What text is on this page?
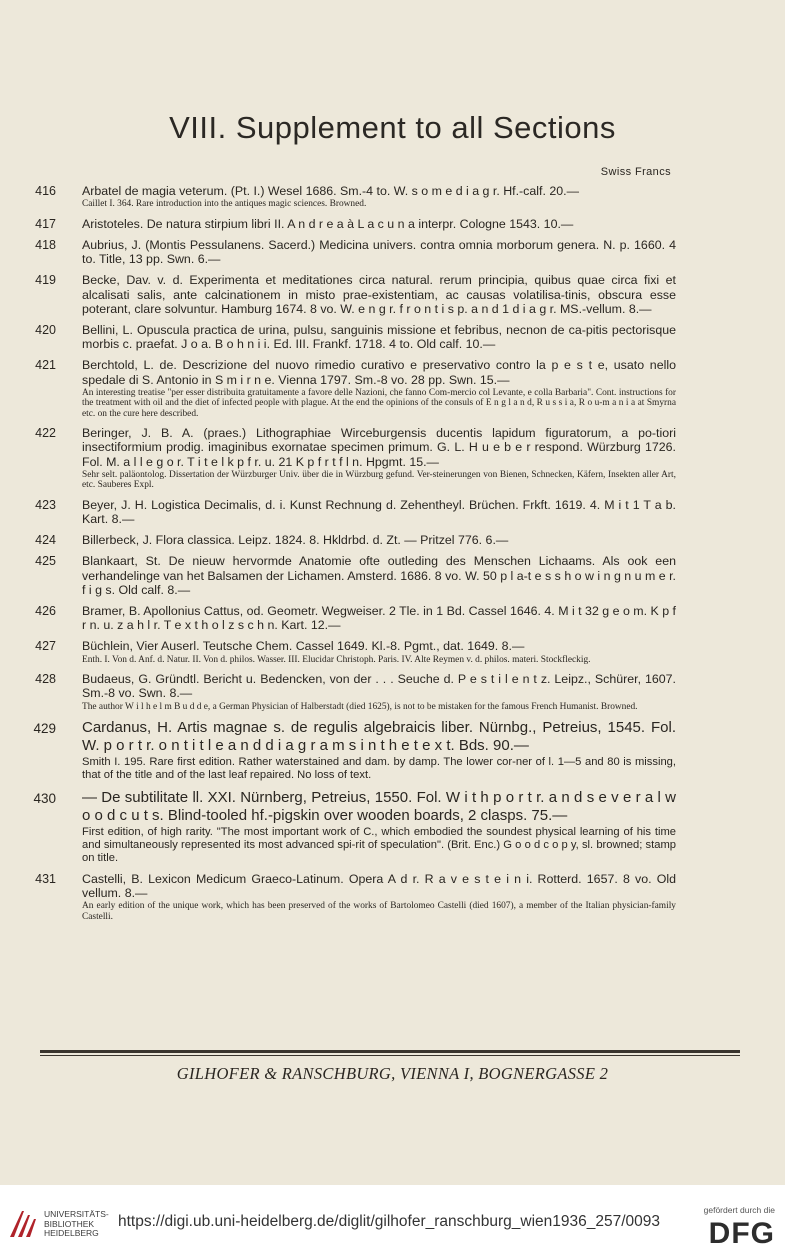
VIII. Supplement to all Sections
Swiss Francs
416 Arbatel de magia veterum. (Pt. I.) Wesel 1686. Sm.-4 to. W. s o m e d i a g r. Hf.-calf. 20.—
Caillet I. 364. Rare introduction into the antiques magic sciences. Browned.
417 Aristoteles. De natura stirpium libri II. A n d r e a à L a c u n a interpr. Cologne 1543. 10.—
418 Aubrius, J. (Montis Pessulanens. Sacerd.) Medicina univers. contra omnia morborum genera. N. p. 1660. 4 to. Title, 13 pp. Swn. 6.—
419 Becke, Dav. v. d. Experimenta et meditationes circa natural. rerum principia, quibus quae circa fixi et alcalisati salis, ante calcinationem in misto prae-existentiam, ac causas volatilisa-tinis, obscura esse poterant, clare solvuntur. Hamburg 1674. 8 vo. W. e n g r. f r o n t i s p. a n d 1 d i a g r. MS.-vellum. 8.—
420 Bellini, L. Opuscula practica de urina, pulsu, sanguinis missione et febribus, necnon de ca-pitis pectorisque morbis c. praefat. J o a. B o h n i i. Ed. III. Frankf. 1718. 4 to. Old calf. 10.—
421 Berchtold, L. de. Descrizione del nuovo rimedio curativo e preservativo contro la p e s t e, usato nello spedale di S. Antonio in S m i r n e. Vienna 1797. Sm.-8 vo. 28 pp. Swn. 15.—
An interesting treatise "per esser distribuita gratuitamente a favore delle Nazioni, che fanno Com-mercio col Levante, e colla Barbaria". Cont. instructions for the treatment with oil and the diet of infected people with plague. At the end the opinions of the consuls of E n g l a n d, R u s s i a, R o u-m a n i a at Smyrna etc. on the cure here described.
422 Beringer, J. B. A. (praes.) Lithographiae Wirceburgensis ducentis lapidum figuratorum, a po-tiori insectiformium prodig. imaginibus exornatae specimen primum. G. L. H u e b e r respond. Würzburg 1726. Fol. M. a l l e g o r. T i t e l k p f r. u. 21 K p f r t f l n. Hpgmt. 15.—
Sehr selt. paläontolog. Dissertation der Würzburger Univ. über die in Würzburg gefund. Ver-steinerungen von Bienen, Schnecken, Käfern, Insekten aller Art, etc. Sauberes Expl.
423 Beyer, J. H. Logistica Decimalis, d. i. Kunst Rechnung d. Zehentheyl. Brüchen. Frkft. 1619. 4. M i t 1 T a b. Kart. 8.—
424 Billerbeck, J. Flora classica. Leipz. 1824. 8. Hkldrbd. d. Zt. — Pritzel 776. 6.—
425 Blankaart, St. De nieuw hervormde Anatomie ofte outleding des Menschen Lichaams. Als ook een verhandelinge van het Balsamen der Lichamen. Amsterd. 1686. 8 vo. W. 50 p l a-t e s s h o w i n g n u m e r. f i g s. Old calf. 8.—
426 Bramer, B. Apollonius Cattus, od. Geometr. Wegweiser. 2 Tle. in 1 Bd. Cassel 1646. 4. M i t 32 g e o m. K p f r n. u. z a h l r. T e x t h o l z s c h n. Kart. 12.—
427 Büchlein, Vier Auserl. Teutsche Chem. Cassel 1649. Kl.-8. Pgmt., dat. 1649. 8.—
Enth. I. Von d. Anf. d. Natur. II. Von d. philos. Wasser. III. Elucidar Christoph. Paris. IV. Alte Reymen v. d. philos. materi. Stockfleckig.
428 Budaeus, G. Gründtl. Bericht u. Bedencken, von der . . . Seuche d. P e s t i l e n t z. Leipz., Schürer, 1607. Sm.-8 vo. Swn. 8.—
The author W i l h e l m B u d d e, a German Physician of Halberstadt (died 1625), is not to be mistaken for the famous French Humanist. Browned.
429 Cardanus, H. Artis magnae s. de regulis algebraicis liber. Nürnbg., Petreius, 1545. Fol. W. p o r t r. o n t i t l e a n d d i a g r a m s i n t h e t e x t. Bds. 90.—
Smith I. 195. Rare first edition. Rather waterstained and dam. by damp. The lower cor-ner of l. 1—5 and 80 is missing, that of the title and of the last leaf repaired. No loss of text.
430 — De subtilitate ll. XXI. Nürnberg, Petreius, 1550. Fol. W i t h p o r t r. a n d s e v e r a l w o o d c u t s. Blind-tooled hf.-pigskin over wooden boards, 2 clasps. 75.—
First edition, of high rarity. "The most important work of C., which embodied the soundest physical learning of his time and simultaneously represented its most advanced spi-rit of speculation". (Brit. Enc.) G o o d c o p y, sl. browned; stamp on title.
431 Castelli, B. Lexicon Medicum Graeco-Latinum. Opera A d r. R a v e s t e i n i. Rotterd. 1657. 8 vo. Old vellum. 8.—
An early edition of the unique work, which has been preserved of the works of Bartolomeo Castelli (died 1607), a member of the Italian physician-family Castelli.
GILHOFER & RANSCHBURG, VIENNA I, BOGNERGASSE 2
UNIVERSITÄTS-
BIBLIOTHEK
HEIDELBERG
https://digi.ub.uni-heidelberg.de/diglit/gilhofer_ranschburg_wien1936_257/0093
gefördert durch die
DFG
